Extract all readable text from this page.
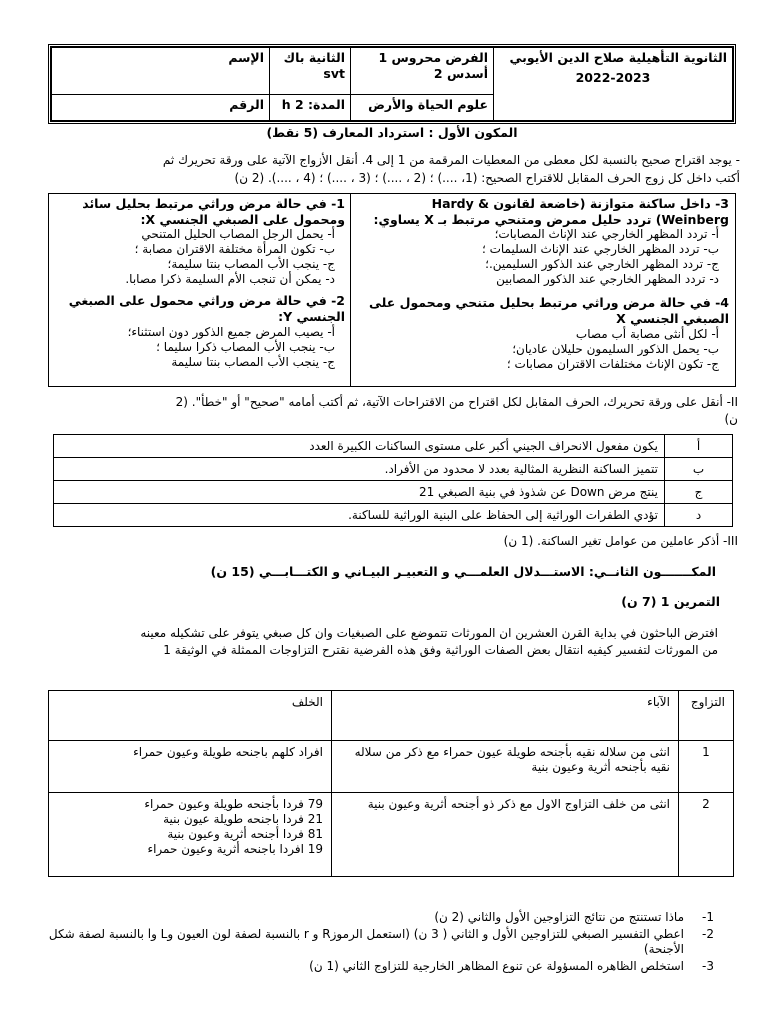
الثانوية التأهيلية صلاح الدين الأيوبي
2022-2023	الفرض محروس 1 أسدس 2	الثانية باك svt	الإسم
	علوم الحياة والأرض	المدة: 2 h	الرقم
المكون الأول : استرداد المعارف (5 نقط)
- يوجد اقتراح صحيح بالنسبة لكل معطى من المعطيات المرقمة من 1 إلى 4. أنقل الأزواج الآتية على ورقة تحريرك ثم
أكتب داخل كل زوج الحرف المقابل للاقتراح الصحيح: (1، ....) ؛ (2 ، ....) ؛ (3 ، ....) ؛ (4 ، ....). (2 ن)
3- داخل ساكنة متوازنة (خاضعة لقانون Hardy & Weinberg) تردد حليل ممرض ومتنحي مرتبط بـ X يساوي:
أ- تردد المظهر الخارجي عند الإناث المصابات؛
ب- تردد المظهر الخارجي عند الإناث السليمات ؛
ج- تردد المظهر الخارجي عند الذكور السليمين.؛
د- تردد المظهر الخارجي عند الذكور المصابين
4- في حالة مرض وراثي مرتبط بحليل متنحي ومحمول على الصبغي الجنسي X
أ- لكل أنثى مصابة أب مصاب
ب- يحمل الذكور السليمون حليلان عاديان؛
ج- تكون الإناث مختلفات الاقتران مصابات ؛
1- في حالة مرض وراثي مرتبط بحليل سائد ومحمول على الصبغي الجنسي X:
أ- يحمل الرجل المصاب الحليل المتنحي
ب- تكون المرأة مختلفة الاقتران مصابة ؛
ج- ينجب الأب المصاب بنتا سليمة؛
د- يمكن أن تنجب الأم السليمة ذكرا مصابا.
2- في حالة مرض وراثي محمول على الصبغي الجنسي Y:
أ- يصيب المرض جميع الذكور دون استثناء؛
ب- ينجب الأب المصاب ذكرا سليما ؛
ج- ينجب الأب المصاب بنتا سليمة
II- أنقل على ورقة تحريرك، الحرف المقابل لكل اقتراح من الاقتراحات الآتية، ثم أكتب أمامه "صحيح" أو "خطأ". (2
ن)
أ	يكون مفعول الانحراف الجيني أكبر على مستوى الساكنات الكبيرة العدد
ب	تتميز الساكنة النظرية المثالية بعدد لا محدود من الأفراد.
ج	ينتج مرض Down عن شذوذ في بنية الصبغي 21
د	تؤدي الطفرات الوراثية إلى الحفاظ على البنية الوراثية للساكنة.
III- أذكر عاملين من عوامل تغير الساكنة. (1 ن)
المكـــــــون الثانــي: الاستـــدلال العلمـــي و التعبيـر البيـاني و الكتـــابـــي (15 ن)
التمرين 1 (7 ن)
افترض الباحثون في بداية القرن العشرين ان المورثات تتموضع على الصبغيات وان كل صبغي يتوفر على تشكيله معينه
من المورثات لتفسير كيفيه انتقال بعض الصفات الوراثية وفق هذه الفرضية نقترح التزاوجات الممثلة في الوثيقة 1
التزاوج	الآباء	الخلف
1	انثى من سلاله نقيه بأجنحه طويلة عيون حمراء مع ذكر من سلاله نقيه بأجنحه أثرية وعيون بنية	افراد كلهم باجنحه طويلة وعيون حمراء
2	انثى من خلف التزاوج الاول مع ذكر ذو أجنحه أثرية وعيون بنية	79 فردا بأجنحه طويلة وعيون حمراء
21 فردا باجنحه طويلة عيون بنية
81 فردا أجنحه أثرية وعيون بنية
19 افردا باجنحه أثرية وعيون حمراء
1-
ماذا تستنتج من نتائج التزاوجين الأول والثاني (2 ن)
2-
اعطي التفسير الصبغي للتزاوجين الأول و الثاني ( 3 ن) (استعمل الرموزR و r بالنسبة لصفة لون العيون وL وl بالنسبة لصفة شكل الأجنحة)
3-
استخلص الظاهره المسؤولة عن تنوع المظاهر الخارجية للتزاوج الثاني (1 ن)
